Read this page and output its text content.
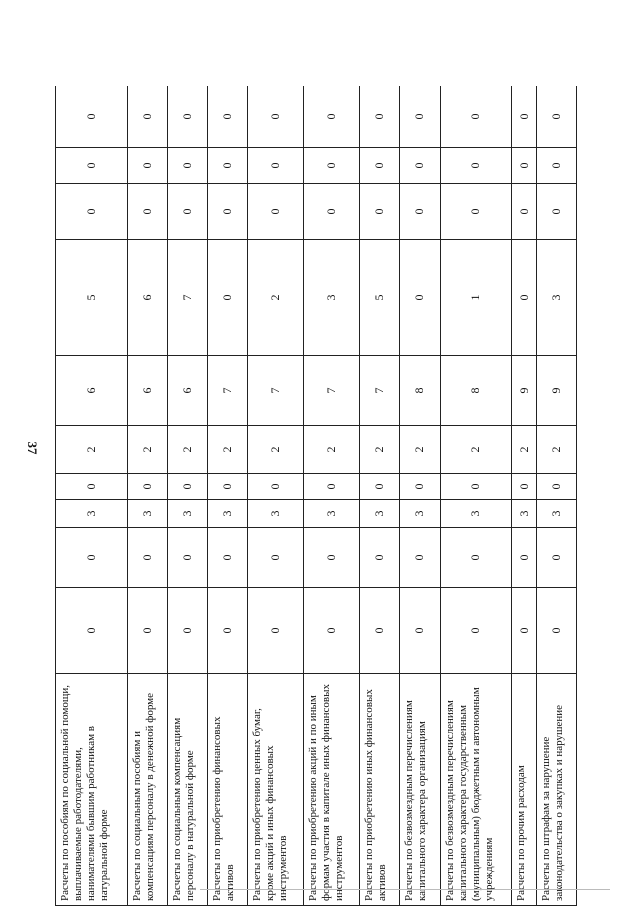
37
Расчеты по пособиям по социальной помощи, выплачиваемые работодателями, нанимателями бывшим работникам в натуральной форме	0	0	3	0	2	6	5	0	0	0
Расчеты по социальным пособиям и компенсациям персоналу в денежной форме	0	0	3	0	2	6	6	0	0	0
Расчеты по социальным компенсациям персоналу в натуральной форме	0	0	3	0	2	6	7	0	0	0
Расчеты по приобретению финансовых активов	0	0	3	0	2	7	0	0	0	0
Расчеты по приобретению ценных бумаг, кроме акций и иных финансовых инструментов	0	0	3	0	2	7	2	0	0	0
Расчеты по приобретению акций и по иным формам участия в капитале иных финансовых инструментов	0	0	3	0	2	7	3	0	0	0
Расчеты по приобретению иных финансовых активов	0	0	3	0	2	7	5	0	0	0
Расчеты по безвозмездным перечислениям капитального характера организациям	0	0	3	0	2	8	0	0	0	0
Расчеты по безвозмездным перечислениям капитального характера государственным (муниципальным) бюджетным и автономным учреждениям	0	0	3	0	2	8	1	0	0	0
Расчеты по прочим расходам	0	0	3	0	2	9	0	0	0	0
Расчеты по штрафам за нарушение законодательства о закупках и нарушение	0	0	3	0	2	9	3	0	0	0
